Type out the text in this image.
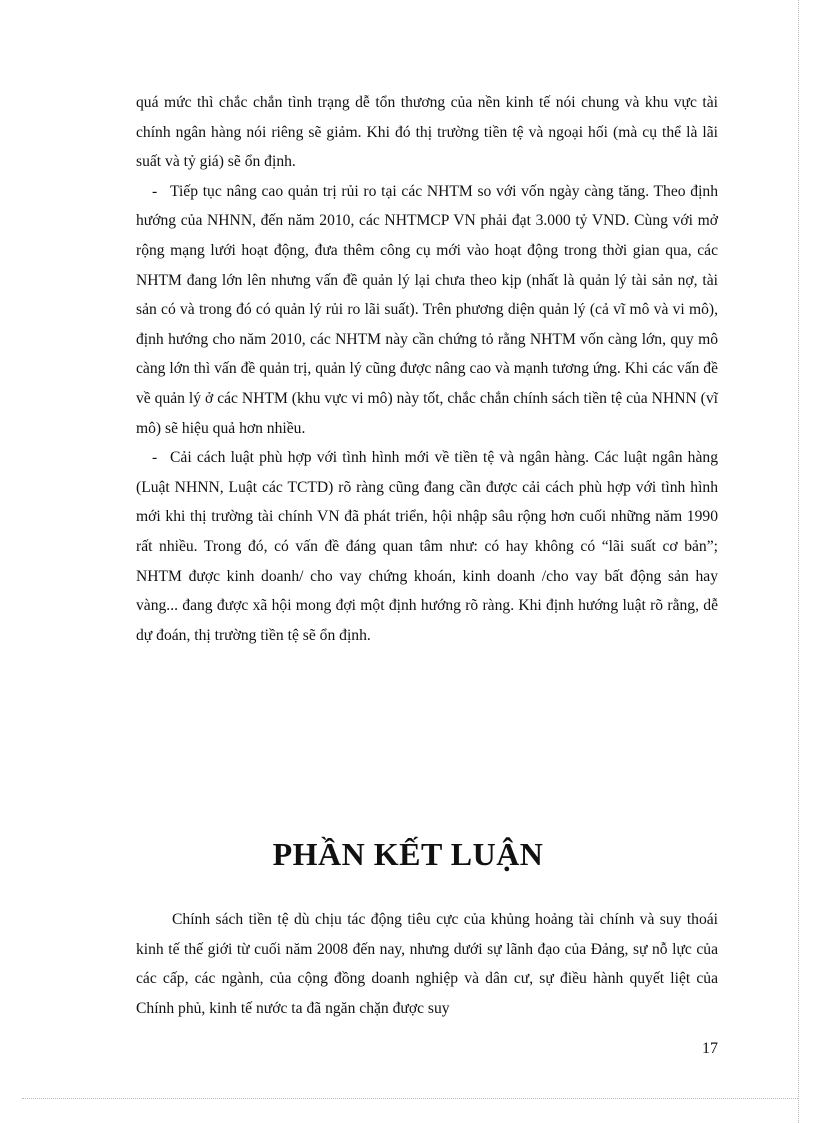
quá mức thì chắc chắn tình trạng dễ tổn thương của nền kinh tế nói chung và khu vực tài chính ngân hàng nói riêng sẽ giảm. Khi đó thị trường tiền tệ và ngoại hối (mà cụ thể là lãi suất và tỷ giá) sẽ ổn định.

- Tiếp tục nâng cao quản trị rủi ro tại các NHTM so với vốn ngày càng tăng. Theo định hướng của NHNN, đến năm 2010, các NHTMCP VN phải đạt 3.000 tỷ VND. Cùng với mở rộng mạng lưới hoạt động, đưa thêm công cụ mới vào hoạt động trong thời gian qua, các NHTM đang lớn lên nhưng vấn đề quản lý lại chưa theo kịp (nhất là quản lý tài sản nợ, tài sản có và trong đó có quản lý rủi ro lãi suất). Trên phương diện quản lý (cả vĩ mô và vi mô), định hướng cho năm 2010, các NHTM này cần chứng tỏ rằng NHTM vốn càng lớn, quy mô càng lớn thì vấn đề quản trị, quản lý cũng được nâng cao và mạnh tương ứng. Khi các vấn đề về quản lý ở các NHTM (khu vực vi mô) này tốt, chắc chắn chính sách tiền tệ của NHNN (vĩ mô) sẽ hiệu quả hơn nhiều.

- Cải cách luật phù hợp với tình hình mới về tiền tệ và ngân hàng. Các luật ngân hàng (Luật NHNN, Luật các TCTD) rõ ràng cũng đang cần được cải cách phù hợp với tình hình mới khi thị trường tài chính VN đã phát triển, hội nhập sâu rộng hơn cuối những năm 1990 rất nhiều. Trong đó, có vấn đề đáng quan tâm như: có hay không có “lãi suất cơ bản”; NHTM được kinh doanh/ cho vay chứng khoán, kinh doanh /cho vay bất động sản hay vàng... đang được xã hội mong đợi một định hướng rõ ràng. Khi định hướng luật rõ rằng, dễ dự đoán, thị trường tiền tệ sẽ ổn định.

PHẦN KẾT LUẬN

Chính sách tiền tệ dù chịu tác động tiêu cực của khủng hoảng tài chính và suy thoái kinh tế thế giới từ cuối năm 2008 đến nay, nhưng dưới sự lãnh đạo của Đảng, sự nỗ lực của các cấp, các ngành, của cộng đồng doanh nghiệp và dân cư, sự điều hành quyết liệt của Chính phủ, kinh tế nước ta đã ngăn chặn được suy

17
